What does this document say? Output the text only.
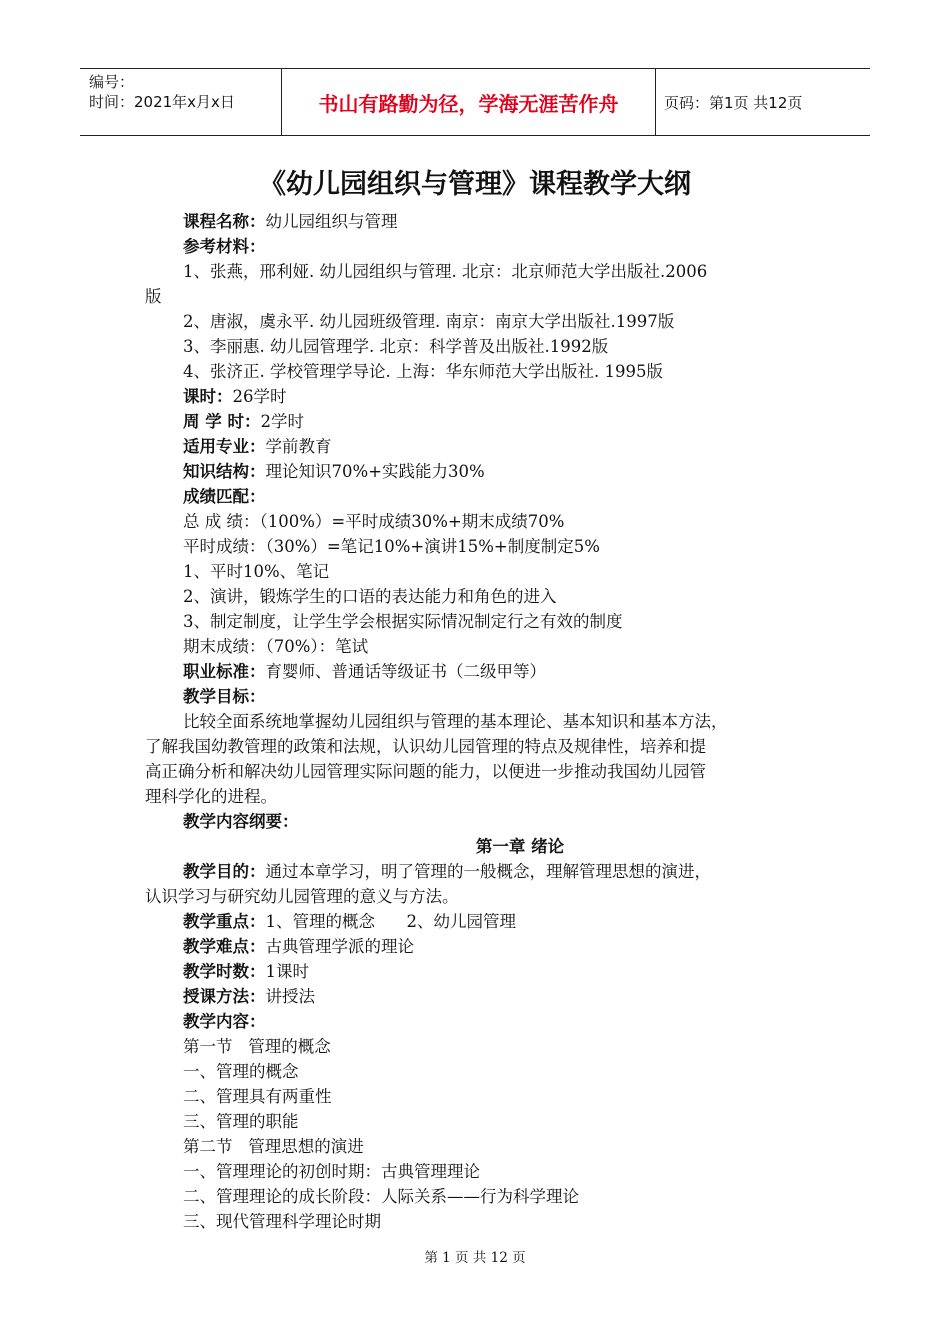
编号：
时间：2021年x月x日	书山有路勤为径，学海无涯苦作舟	页码：第1页 共12页
《幼儿园组织与管理》课程教学大纲
课程名称：幼儿园组织与管理
参考材料：
1、张燕，邢利娅. 幼儿园组织与管理. 北京：北京师范大学出版社.2006
版
2、唐淑，虞永平. 幼儿园班级管理. 南京：南京大学出版社.1997版
3、李丽惠. 幼儿园管理学. 北京：科学普及出版社.1992版
4、张济正. 学校管理学导论. 上海：华东师范大学出版社. 1995版
课时：26学时
周 学 时：2学时
适用专业：学前教育
知识结构：理论知识70%+实践能力30%
成绩匹配：
总 成 绩：（100%）=平时成绩30%+期末成绩70%
平时成绩：（30%）=笔记10%+演讲15%+制度制定5%
1、平时10%、笔记
2、演讲，锻炼学生的口语的表达能力和角色的进入
3、制定制度，让学生学会根据实际情况制定行之有效的制度
期末成绩：（70%）：笔试
职业标准：育婴师、普通话等级证书（二级甲等）
教学目标：
比较全面系统地掌握幼儿园组织与管理的基本理论、基本知识和基本方法，
了解我国幼教管理的政策和法规，认识幼儿园管理的特点及规律性，培养和提
高正确分析和解决幼儿园管理实际问题的能力，以便进一步推动我国幼儿园管
理科学化的进程。
教学内容纲要：
第一章 绪论
教学目的：通过本章学习，明了管理的一般概念，理解管理思想的演进，
认识学习与研究幼儿园管理的意义与方法。
教学重点：1、管理的概念      2、幼儿园管理
教学难点：古典管理学派的理论
教学时数：1课时
授课方法：讲授法
教学内容：
第一节   管理的概念
一、管理的概念
二、管理具有两重性
三、管理的职能
第二节   管理思想的演进
一、管理理论的初创时期：古典管理理论
二、管理理论的成长阶段：人际关系——行为科学理论
三、现代管理科学理论时期
第 1 页 共 12 页
